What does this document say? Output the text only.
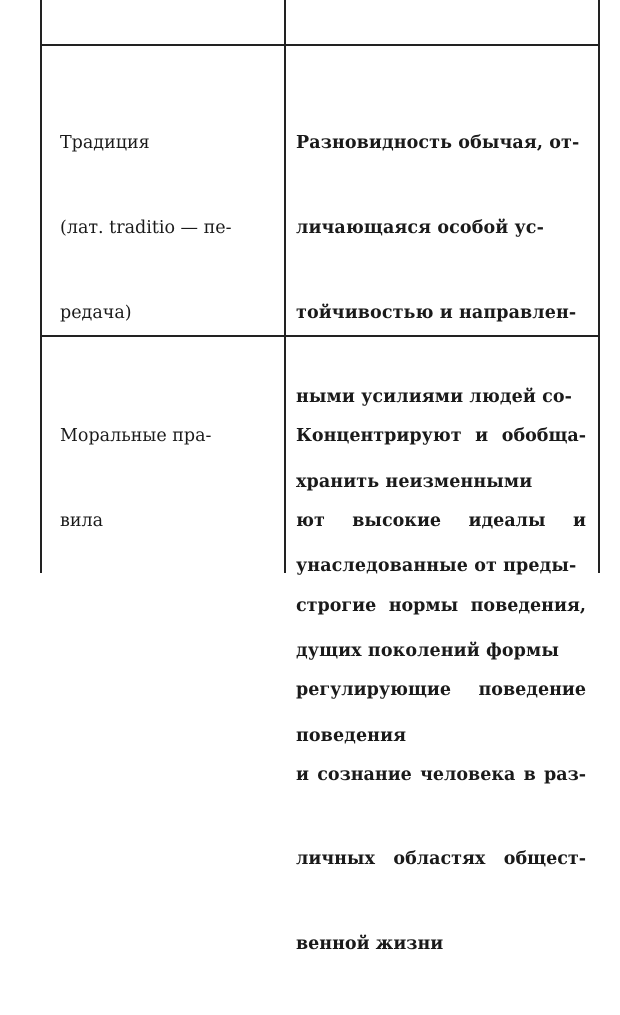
Традиция

(лат. traditio — пе-

редача)

Разновидность обычая, от-

личающаяся особой ус-

тойчивостью и направлен-

ными усилиями людей со-

хранить неизменными

унаследованные от преды-

дущих поколений формы

поведения

Моральные пра-

вила

Концентрируют и обобща-

ют высокие идеалы и

строгие нормы поведения,

регулирующие поведение

и сознание человека в раз-

личных областях общест-

венной жизни
